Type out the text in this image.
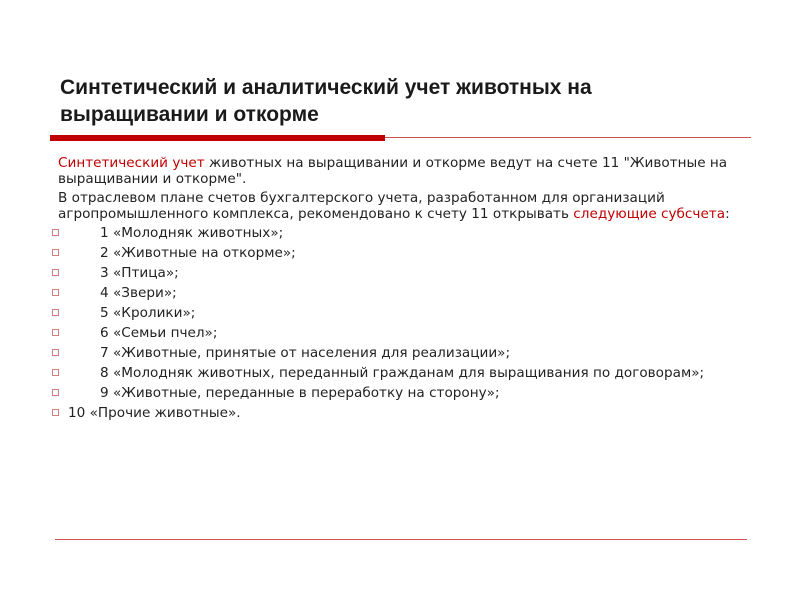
Синтетический и аналитический учет животных на выращивании и откорме

Синтетический учет животных на выращивании и откорме ведут на счете 11 "Животные на выращивании и откорме".

В отраслевом плане счетов бухгалтерского учета, разработанном для организаций агропромышленного комплекса, рекомендовано к счету 11 открывать следующие субсчета:

1 «Молодняк животных»;
2 «Животные на откорме»;
3 «Птица»;
4 «Звери»;
5 «Кролики»;
6 «Семьи пчел»;
7 «Животные, принятые от населения для реализации»;
8 «Молодняк животных, переданный гражданам для выращивания по договорам»;
9 «Животные, переданные в переработку на сторону»;
10 «Прочие животные».
